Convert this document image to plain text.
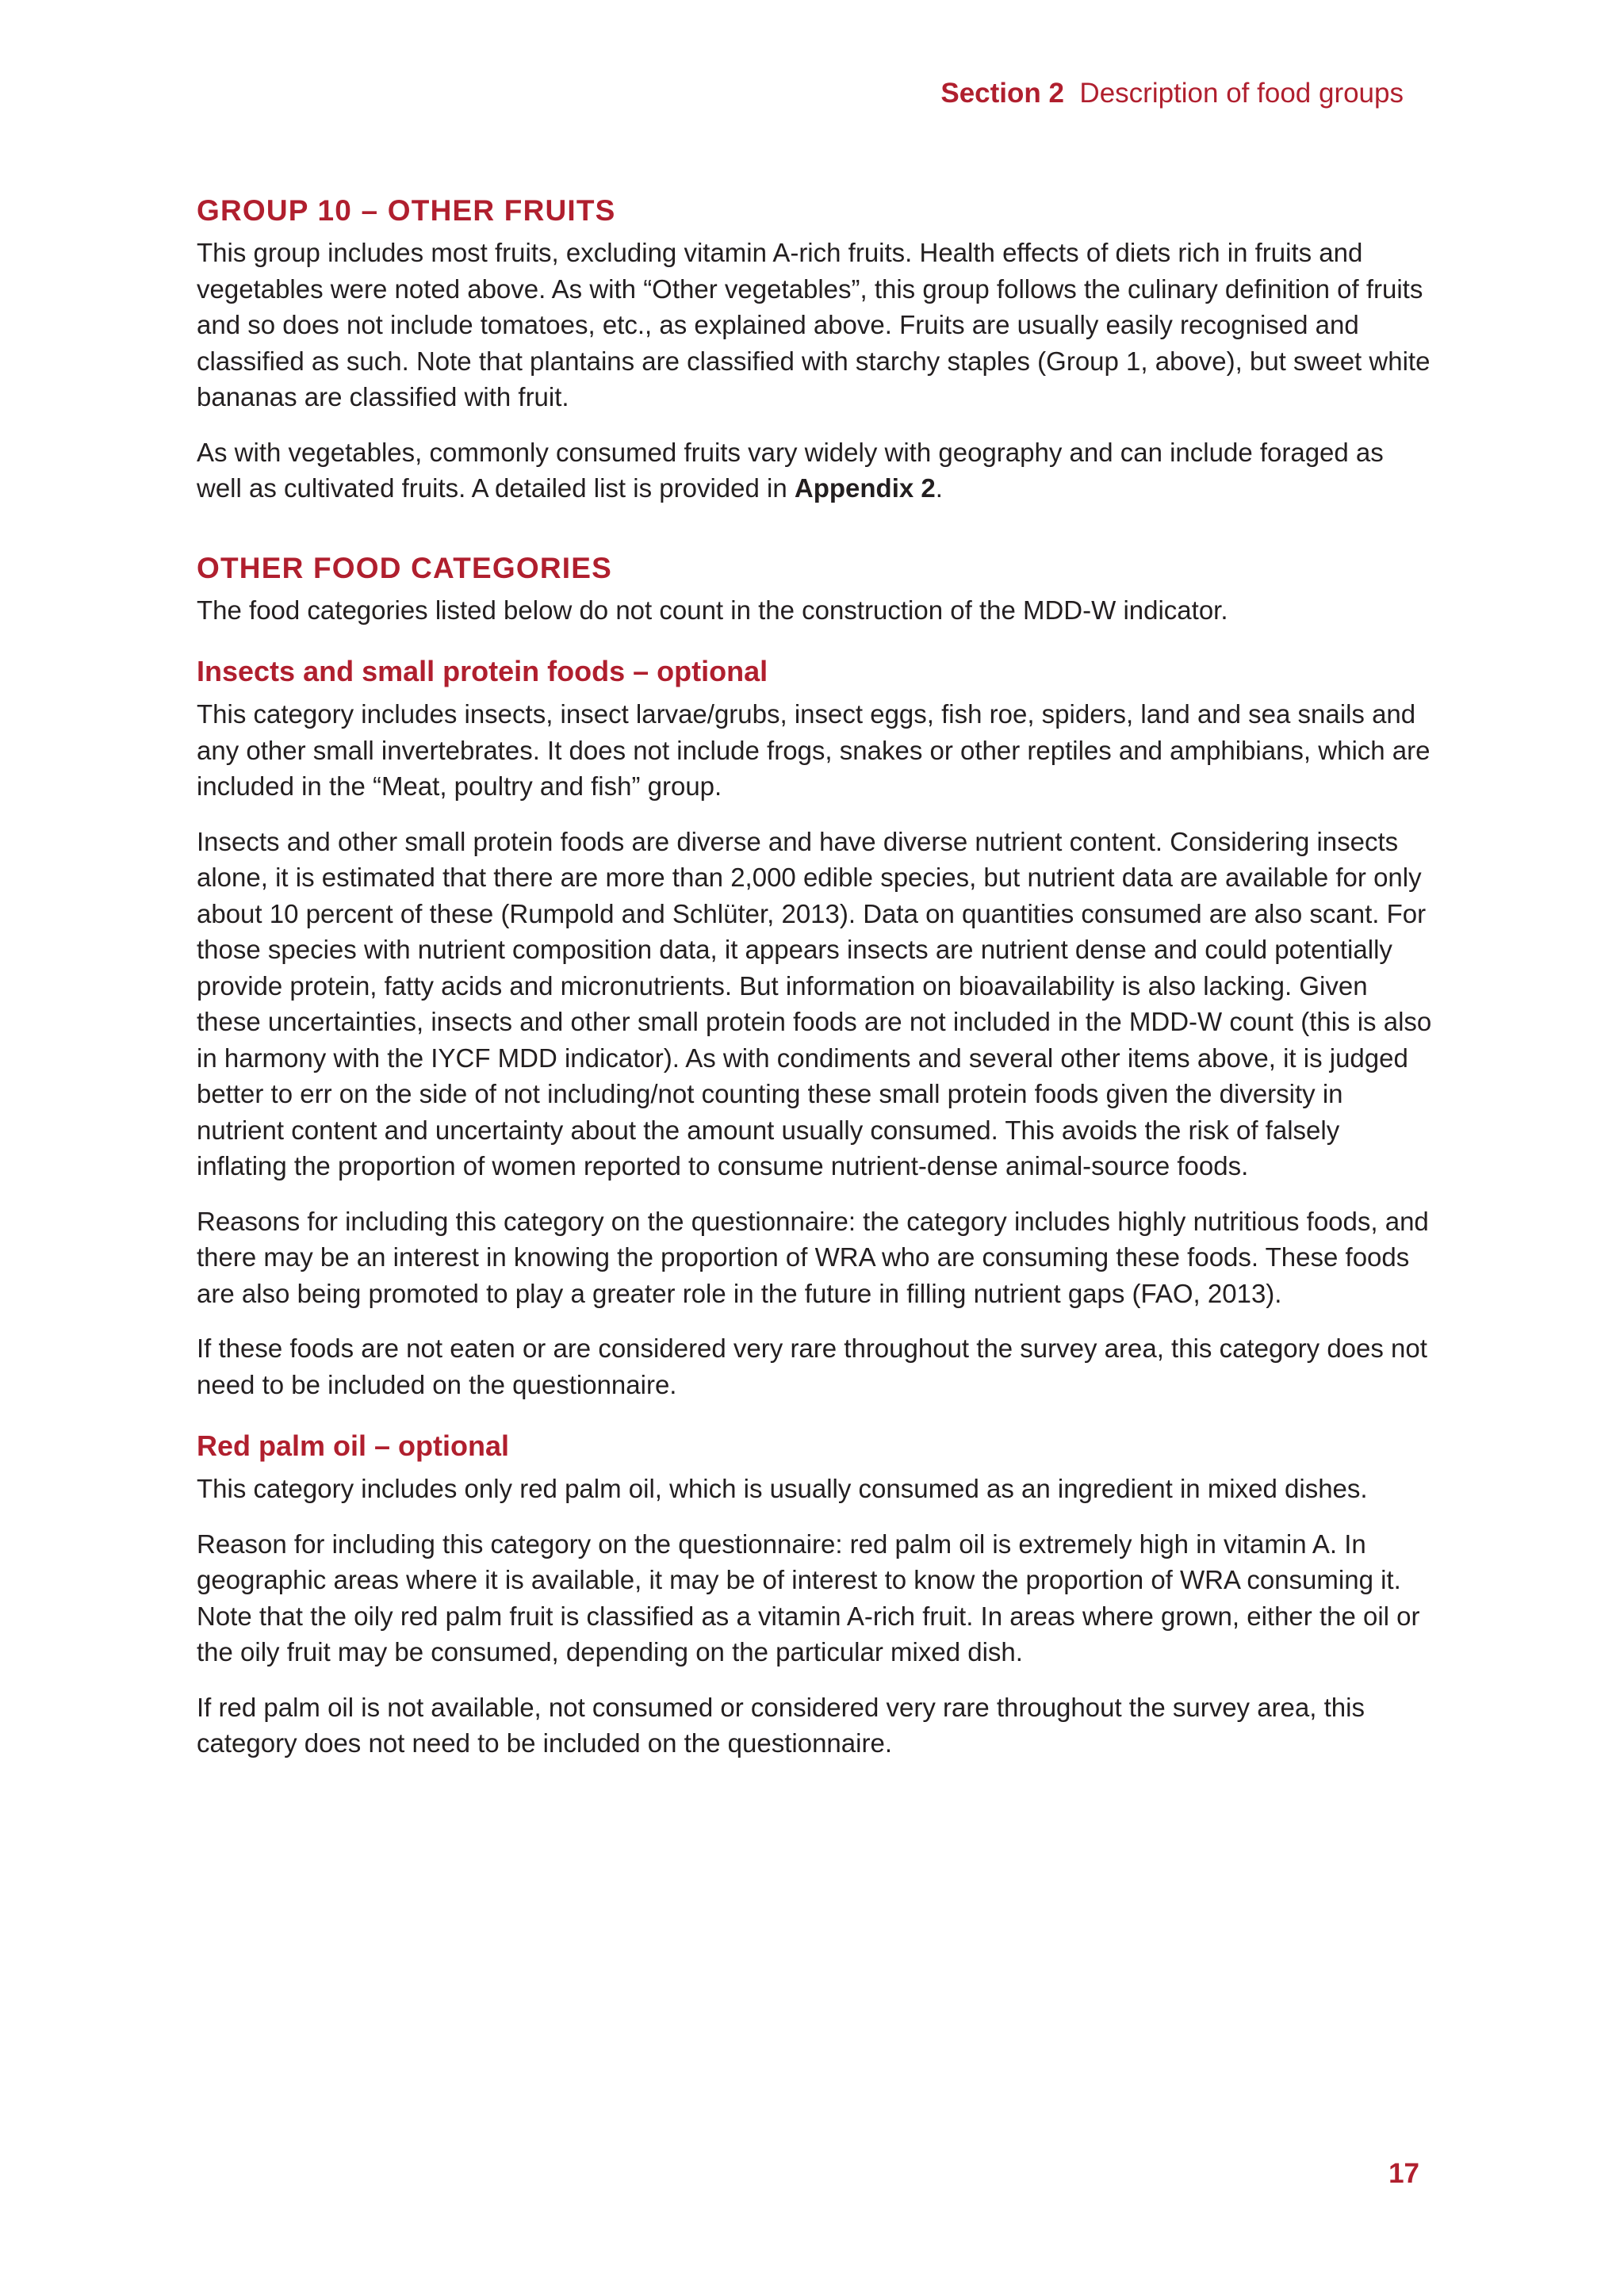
Section 2 Description of food groups
GROUP 10 – OTHER FRUITS

This group includes most fruits, excluding vitamin A-rich fruits. Health effects of diets rich in fruits and vegetables were noted above. As with “Other vegetables”, this group follows the culinary definition of fruits and so does not include tomatoes, etc., as explained above. Fruits are usually easily recognised and classified as such. Note that plantains are classified with starchy staples (Group 1, above), but sweet white bananas are classified with fruit.

As with vegetables, commonly consumed fruits vary widely with geography and can include foraged as well as cultivated fruits. A detailed list is provided in Appendix 2.

OTHER FOOD CATEGORIES

The food categories listed below do not count in the construction of the MDD-W indicator.

Insects and small protein foods – optional

This category includes insects, insect larvae/grubs, insect eggs, fish roe, spiders, land and sea snails and any other small invertebrates. It does not include frogs, snakes or other reptiles and amphibians, which are included in the “Meat, poultry and fish” group.

Insects and other small protein foods are diverse and have diverse nutrient content. Considering insects alone, it is estimated that there are more than 2,000 edible species, but nutrient data are available for only about 10 percent of these (Rumpold and Schlüter, 2013). Data on quantities consumed are also scant. For those species with nutrient composition data, it appears insects are nutrient dense and could potentially provide protein, fatty acids and micronutrients. But information on bioavailability is also lacking. Given these uncertainties, insects and other small protein foods are not included in the MDD-W count (this is also in harmony with the IYCF MDD indicator). As with condiments and several other items above, it is judged better to err on the side of not including/not counting these small protein foods given the diversity in nutrient content and uncertainty about the amount usually consumed. This avoids the risk of falsely inflating the proportion of women reported to consume nutrient-dense animal-source foods.

Reasons for including this category on the questionnaire: the category includes highly nutritious foods, and there may be an interest in knowing the proportion of WRA who are consuming these foods. These foods are also being promoted to play a greater role in the future in filling nutrient gaps (FAO, 2013).

If these foods are not eaten or are considered very rare throughout the survey area, this category does not need to be included on the questionnaire.

Red palm oil – optional

This category includes only red palm oil, which is usually consumed as an ingredient in mixed dishes.

Reason for including this category on the questionnaire: red palm oil is extremely high in vitamin A. In geographic areas where it is available, it may be of interest to know the proportion of WRA consuming it. Note that the oily red palm fruit is classified as a vitamin A-rich fruit. In areas where grown, either the oil or the oily fruit may be consumed, depending on the particular mixed dish.

If red palm oil is not available, not consumed or considered very rare throughout the survey area, this category does not need to be included on the questionnaire.

17
